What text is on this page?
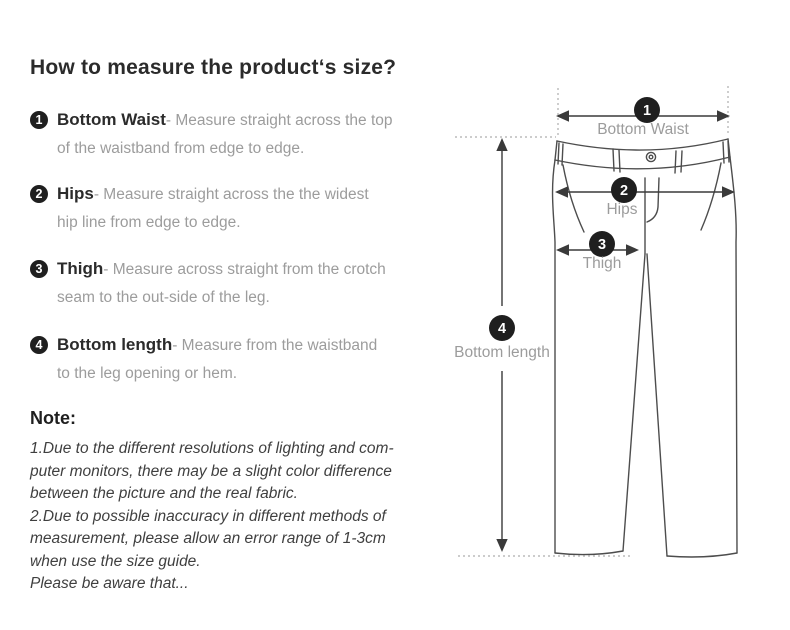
How to measure the product‘s size?
1 Bottom Waist- Measure straight across the top
of the waistband from edge to edge.
2 Hips- Measure straight across the the widest
hip line from edge to edge.
3 Thigh- Measure across straight from the crotch
seam to the out-side of the leg.
4 Bottom length- Measure from the waistband
to the leg opening or hem.
Note:
1.Due to the different resolutions of lighting and com-
puter monitors, there may be a slight color difference
between the picture and the real fabric.
2.Due to possible inaccuracy in different methods of
measurement, please allow an error range of 1-3cm
when use the size guide.
Please be aware that...
1
2
3
4
Bottom Waist
Hips
Thigh
Bottom length
